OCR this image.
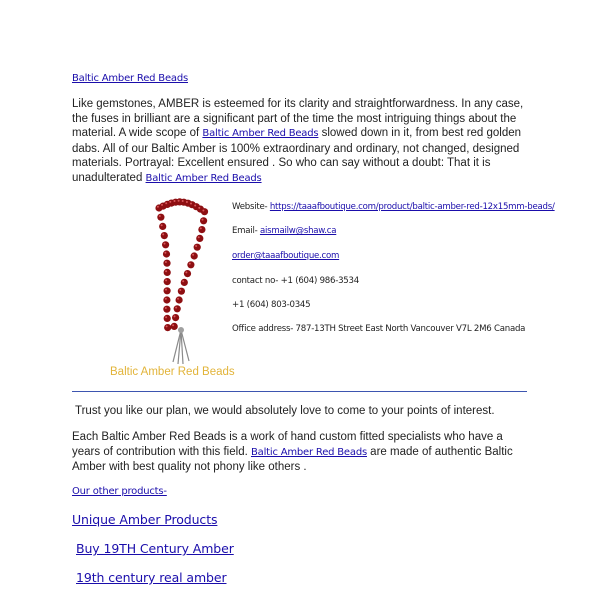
Baltic Amber Red Beads

Like gemstones, AMBER is esteemed for its clarity and straightforwardness. In any case, the fuses in brilliant are a significant part of the time the most intriguing things about the material. A wide scope of Baltic Amber Red Beads slowed down in it, from best red golden dabs. All of our Baltic Amber is 100% extraordinary and ordinary, not changed, designed materials. Portrayal: Excellent ensured . So who can say without a doubt: That it is unadulterated Baltic Amber Red Beads

Website- https://taaafboutique.com/product/baltic-amber-red-12x15mm-beads/
Email- aismailw@shaw.ca
order@taaafboutique.com
contact no- +1 (604) 986-3534
+1 (604) 803-0345
Office address- 787-13TH Street East North Vancouver V7L 2M6 Canada
Baltic Amber Red Beads
Trust you like our plan, we would absolutely love to come to your points of interest.

Each Baltic Amber Red Beads is a work of hand custom fitted specialists who have a years of contribution with this field. Baltic Amber Red Beads are made of authentic Baltic Amber with best quality not phony like others .

Our other products-
Unique Amber Products
Buy 19TH Century Amber
19th century real amber
